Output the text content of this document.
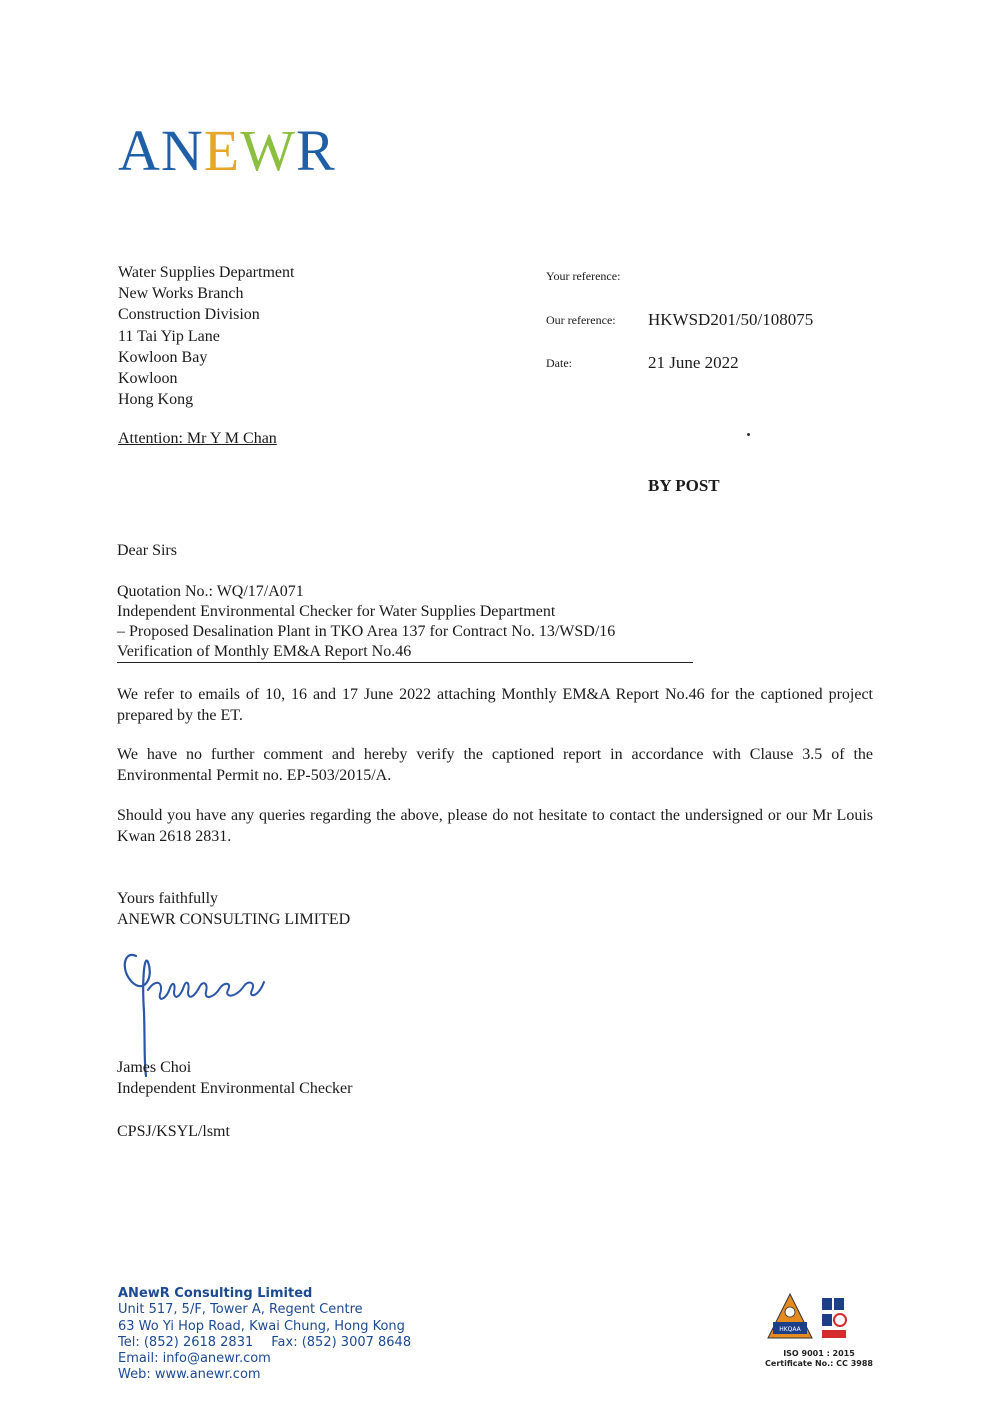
ANEWR
Water Supplies Department
New Works Branch
Construction Division
11 Tai Yip Lane
Kowloon Bay
Kowloon
Hong Kong
Attention: Mr Y M Chan
Your reference:
Our reference: HKWSD201/50/108075
Date:	21 June 2022
BY POST
Dear Sirs
Quotation No.: WQ/17/A071
Independent Environmental Checker for Water Supplies Department
– Proposed Desalination Plant in TKO Area 137 for Contract No. 13/WSD/16
Verification of Monthly EM&A Report No.46
We refer to emails of 10, 16 and 17 June 2022 attaching Monthly EM&A Report No.46 for the captioned project prepared by the ET.
We have no further comment and hereby verify the captioned report in accordance with Clause 3.5 of the Environmental Permit no. EP-503/2015/A.
Should you have any queries regarding the above, please do not hesitate to contact the undersigned or our Mr Louis Kwan 2618 2831.
Yours faithfully
ANEWR CONSULTING LIMITED
James Choi
Independent Environmental Checker
CPSJ/KSYL/lsmt
ANewR Consulting Limited
Unit 517, 5/F, Tower A, Regent Centre
63 Wo Yi Hop Road, Kwai Chung, Hong Kong
Tel: (852) 2618 2831 Fax: (852) 3007 8648
Email: info@anewr.com
Web: www.anewr.com
HKQAA
ISO 9001 : 2015
Certificate No.: CC 3988
